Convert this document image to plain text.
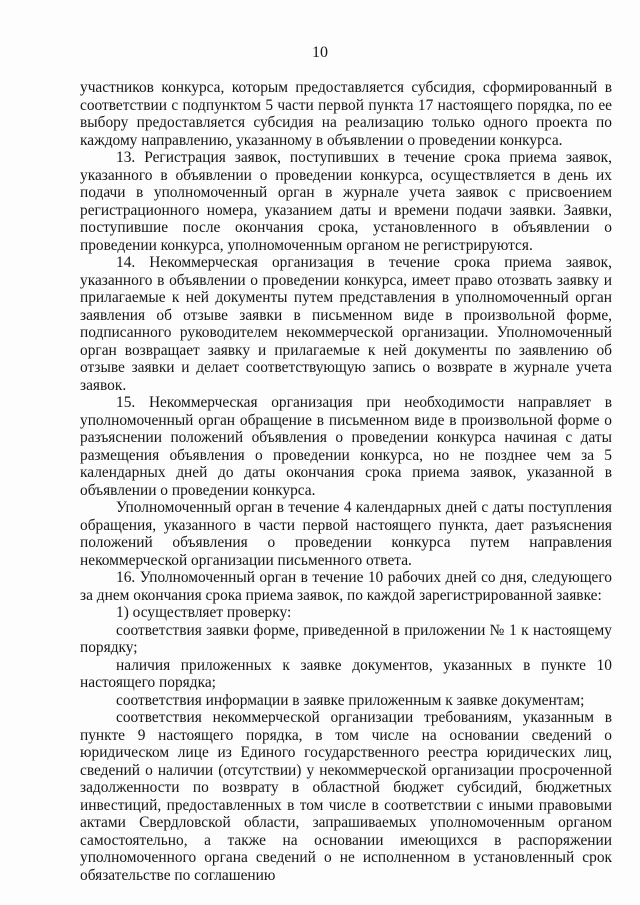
10

участников конкурса, которым предоставляется субсидия, сформированный в соответствии с подпунктом 5 части первой пункта 17 настоящего порядка, по ее выбору предоставляется субсидия на реализацию только одного проекта по каждому направлению, указанному в объявлении о проведении конкурса.

13. Регистрация заявок, поступивших в течение срока приема заявок, указанного в объявлении о проведении конкурса, осуществляется в день их подачи в уполномоченный орган в журнале учета заявок с присвоением регистрационного номера, указанием даты и времени подачи заявки. Заявки, поступившие после окончания срока, установленного в объявлении о проведении конкурса, уполномоченным органом не регистрируются.

14. Некоммерческая организация в течение срока приема заявок, указанного в объявлении о проведении конкурса, имеет право отозвать заявку и прилагаемые к ней документы путем представления в уполномоченный орган заявления об отзыве заявки в письменном виде в произвольной форме, подписанного руководителем некоммерческой организации. Уполномоченный орган возвращает заявку и прилагаемые к ней документы по заявлению об отзыве заявки и делает соответствующую запись о возврате в журнале учета заявок.

15. Некоммерческая организация при необходимости направляет в уполномоченный орган обращение в письменном виде в произвольной форме о разъяснении положений объявления о проведении конкурса начиная с даты размещения объявления о проведении конкурса, но не позднее чем за 5 календарных дней до даты окончания срока приема заявок, указанной в объявлении о проведении конкурса.

Уполномоченный орган в течение 4 календарных дней с даты поступления обращения, указанного в части первой настоящего пункта, дает разъяснения положений объявления о проведении конкурса путем направления некоммерческой организации письменного ответа.

16. Уполномоченный орган в течение 10 рабочих дней со дня, следующего за днем окончания срока приема заявок, по каждой зарегистрированной заявке:

1) осуществляет проверку:

соответствия заявки форме, приведенной в приложении № 1 к настоящему порядку;

наличия приложенных к заявке документов, указанных в пункте 10 настоящего порядка;

соответствия информации в заявке приложенным к заявке документам;

соответствия некоммерческой организации требованиям, указанным в пункте 9 настоящего порядка, в том числе на основании сведений о юридическом лице из Единого государственного реестра юридических лиц, сведений о наличии (отсутствии) у некоммерческой организации просроченной задолженности по возврату в областной бюджет субсидий, бюджетных инвестиций, предоставленных в том числе в соответствии с иными правовыми актами Свердловской области, запрашиваемых уполномоченным органом самостоятельно, а также на основании имеющихся в распоряжении уполномоченного органа сведений о не исполненном в установленный срок обязательстве по соглашению
